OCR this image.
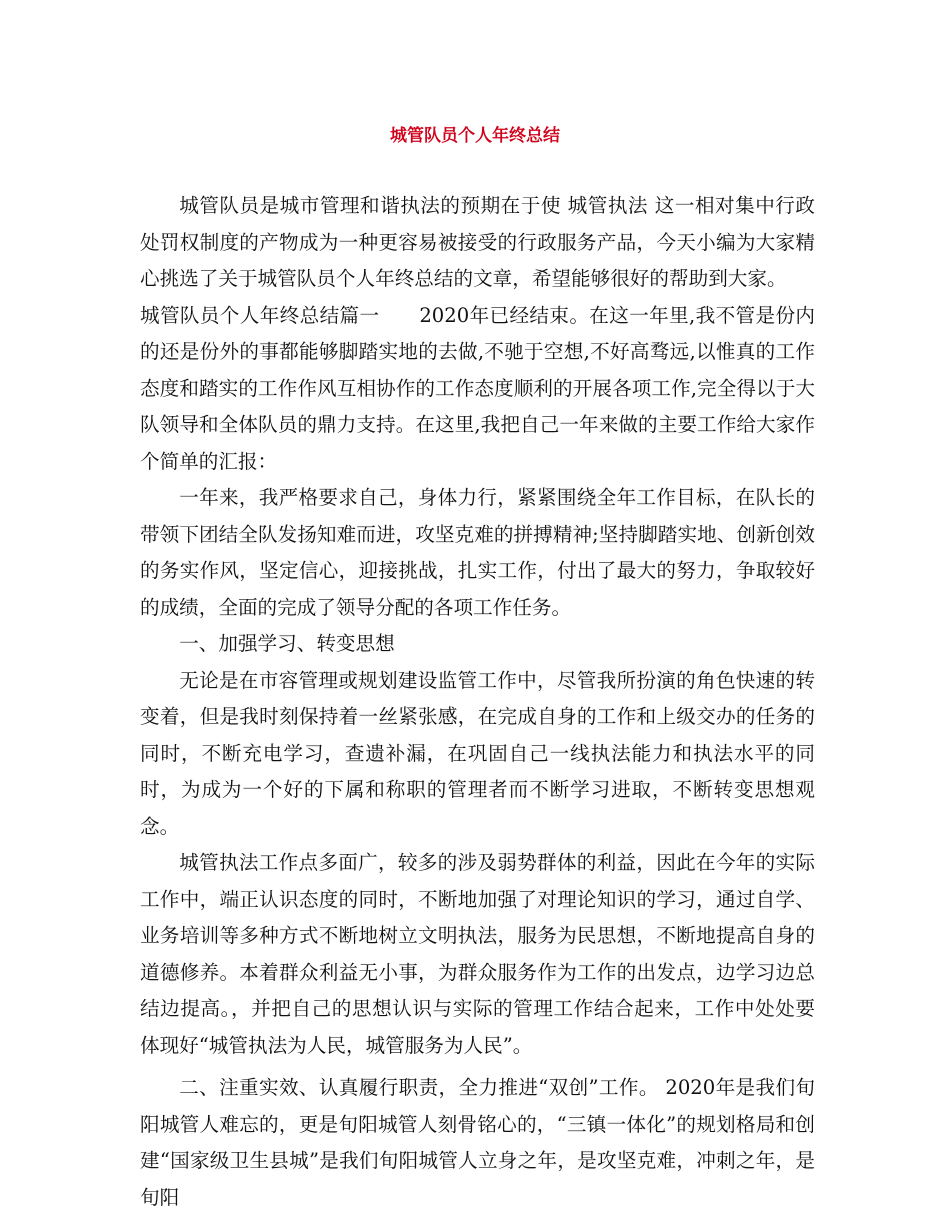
城管队员个人年终总结

城管队员是城市管理和谐执法的预期在于使 城管执法 这一相对集中行政处罚权制度的产物成为一种更容易被接受的行政服务产品，今天小编为大家精心挑选了关于城管队员个人年终总结的文章，希望能够很好的帮助到大家。

城管队员个人年终总结篇一　　2020年已经结束。在这一年里,我不管是份内的还是份外的事都能够脚踏实地的去做,不驰于空想,不好高骛远,以惟真的工作态度和踏实的工作作风互相协作的工作态度顺利的开展各项工作,完全得以于大队领导和全体队员的鼎力支持。在这里,我把自己一年来做的主要工作给大家作个简单的汇报：

一年来，我严格要求自己，身体力行，紧紧围绕全年工作目标，在队长的带领下团结全队发扬知难而进，攻坚克难的拼搏精神;坚持脚踏实地、创新创效的务实作风，坚定信心，迎接挑战，扎实工作，付出了最大的努力，争取较好的成绩，全面的完成了领导分配的各项工作任务。

一、加强学习、转变思想

无论是在市容管理或规划建设监管工作中，尽管我所扮演的角色快速的转变着，但是我时刻保持着一丝紧张感，在完成自身的工作和上级交办的任务的同时，不断充电学习，查遗补漏，在巩固自己一线执法能力和执法水平的同时，为成为一个好的下属和称职的管理者而不断学习进取，不断转变思想观念。

城管执法工作点多面广，较多的涉及弱势群体的利益，因此在今年的实际工作中，端正认识态度的同时，不断地加强了对理论知识的学习，通过自学、业务培训等多种方式不断地树立文明执法，服务为民思想，不断地提高自身的道德修养。本着群众利益无小事，为群众服务作为工作的出发点，边学习边总结边提高。，并把自己的思想认识与实际的管理工作结合起来，工作中处处要体现好“城管执法为人民，城管服务为人民”。

二、注重实效、认真履行职责，全力推进“双创”工作。 2020年是我们旬阳城管人难忘的，更是旬阳城管人刻骨铭心的，“三镇一体化”的规划格局和创建“国家级卫生县城”是我们旬阳城管人立身之年，是攻坚克难，冲刺之年，是旬阳
